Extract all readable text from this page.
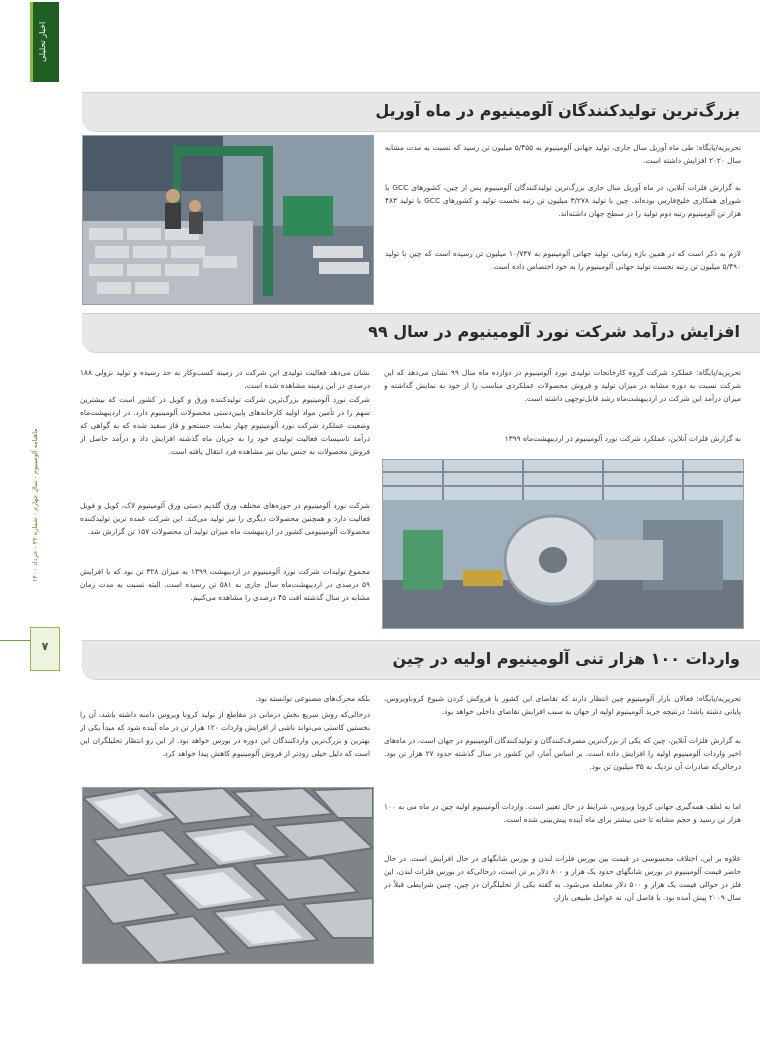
اخبار تحلیلی
ماهنامه آلومینیوم - سال چهارم - شماره ۴۲ - خرداد ۱۴۰۰
۷
بزرگ‌ترین تولیدکنندگان آلومینیوم در ماه آوریل

تحریریه/پایگاه: طی ماه آوریل سال جاری، تولید جهانی آلومینیوم به ۵/۴۵۵ میلیون تن رسید که نسبت به مدت مشابه سال ۲۰۲۰ افزایش داشته است.

به گزارش فلزات آنلاین، در ماه آوریل سال جاری بزرگ‌ترین تولیدکنندگان آلومینیوم پس از چین، کشورهای GCC یا شورای همکاری خلیج‌فارس بوده‌اند. چین با تولید ۳/۲۷۸ میلیون تن رتبه نخست تولید و کشورهای GCC با تولید ۴۸۳ هزار تن آلومینیوم رتبه دوم تولید را در سطح جهان داشته‌اند.

لازم به ذکر است که در همین بازه زمانی، تولید جهانی آلومینیوم به ۱۰/۷۳۷ میلیون تن رسیده است که چین با تولید ۵/۴۹۰ میلیون تن رتبه نخست تولید جهانی آلومینیوم را به خود اختصاص داده است.

افزایش درآمد شرکت نورد آلومینیوم در سال ۹۹

تحریریه/پایگاه: عملکرد شرکت گروه کارخانجات تولیدی نورد آلومینیوم در دوازده ماه سال ۹۹ نشان می‌دهد که این شرکت نسبت به دوره مشابه در میزان تولید و فروش محصولات عملکردی مناسب را از خود به نمایش گذاشته و میزان درآمد این شرکت در اردیبهشت‌ماه رشد قابل‌توجهی داشته است.

به گزارش فلزات آنلاین، عملکرد شرکت نورد آلومینیوم در اردیبهشت‌ماه ۱۳۹۹

نشان می‌دهد فعالیت تولیدی این شرکت در زمینه کسب‌وکار به حد رسیده و تولید نزولی ۱۸۸ درصدی در این زمینه مشاهده شده است.

شرکت نورد آلومینیوم بزرگ‌ترین شرکت تولیدکننده ورق و کویل در کشور است که بیشترین سهم را در تأمین مواد اولیه کارخانه‌های پایین‌دستی محصولات آلومینیوم دارد. در اردیبهشت‌ماه وضعیت عملکرد شرکت نورد آلومینیوم چهار نمایت جستجو و فاز سفید شده که به گواهی که درآمد تاسیسات فعالیت تولیدی خود را به جریان ماه گذشته افزایش داد و درآمد حاصل از فروش محصولات به جنس بیان نیز مشاهده فرد انتقال یافته است.

شرکت نورد آلومینیوم در حوزه‌های مختلف ورق گلدیم دستی ورق آلومینیوم لاک، کویل و فویل فعالیت دارد و همچنین محصولات دیگری را نیز تولید می‌کند. این شرکت عمده ترین تولیدکننده محصولات آلومینیومی کشور در اردیبهشت ماه میزان تولید آن محصولات ۱۵۷ تن گزارش شد.

مجموع تولیدات شرکت نورد آلومینیوم در اردیبهشت ۱۳۹۹ به میزان ۳۲۸ تن بود که با افزایش ۵۹ درصدی در اردیبهشت‌ماه سال جاری به ۵۸۱ تن رسیده است. البته نسبت به مدت زمان مشابه در سال گذشته افت ۴۵ درصدی را مشاهده می‌کنیم.

واردات ۱۰۰ هزار تنی آلومینیوم اولیه در چین

تحریریه/پایگاه: فعالان بازار آلومینیوم چین انتظار دارند که تقاضای این کشور با فروکش کردن شیوع کروناویروس، پایانی دشته باشد؛ درنتیجه خرید آلومینیوم اولیه از جهان به سبب افزایش تقاضای داخلی خواهد بود.

به گزارش فلزات آنلاین، چین که یکی از بزرگ‌ترین مصرف‌کنندگان و تولیدکنندگان آلومینیوم در جهان است، در ماه‌های اخیر واردات آلومینیوم اولیه را افزایش داده است. بر اساس آمار، این کشور در سال گذشته حدود ۲۷ هزار تن بود. درحالی‌که صادرات آن نزدیک به ۳۵ میلیون تن بود.

اما به لطف همه‌گیری جهانی کرونا ویروس، شرایط در حال تغییر است. واردات آلومینیوم اولیه چین در ماه می به ۱۰۰ هزار تن رسید و حجم مشابه تا حتی بیشتر برای ماه آینده پیش‌بینی شده است.

علاوه بر این، اختلاف محسوسی در قیمت بین بورس فلزات لندن و بورس شانگهای در حال افزایش است. در حال حاضر قیمت آلومینیوم در بورس شانگهای حدود یک هزار و ۸۰۰ دلار بر تن است، درحالی‌که در بورس فلزات لندن، این فلز در حوالی قیمت یک هزار و ۵۰۰ دلار معامله می‌شود. به گفته یکی از تحلیلگران در چین، چنین شرایطی قبلاً در سال ۲۰۰۹ پیش آمده بود. با فاصل آن، نه عوامل طبیعی بازار،

بلکه محرک‌های مصنوعی توانسته بود.

درحالی‌که روش سریع بخش درمانی در مقاطع از تولید کرونا ویروس دامنه داشته باشد، آن را نخستین کاستی می‌تواند ناشی از افزایش واردات ۱۲۰ هزار تن در ماه آینده شود که مبدأ یکی از بهترین و بزرگ‌ترین واردکنندگان این دوره در بورس خواهد بود. از این رو انتظار تحلیلگران این است که دلیل خیلی زودتر از فروش آلومینیوم کاهش پیدا خواهد کرد.
